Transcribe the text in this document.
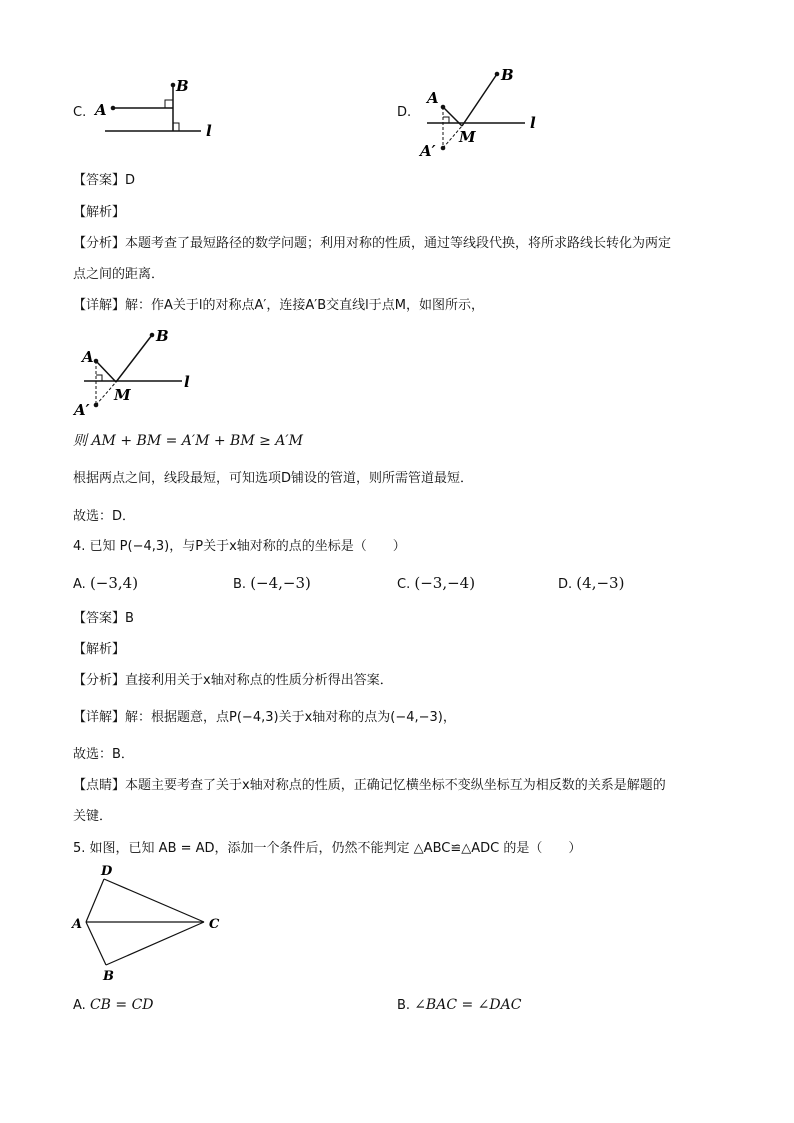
C. A
B
l
D.
A
B
M
l
A′
【答案】D
【解析】
【分析】本题考查了最短路径的数学问题；利用对称的性质，通过等线段代换，将所求路线长转化为两定
点之间的距离．
【详解】解：作A关于l的对称点A′，连接A′B交直线l于点M，如图所示，
A
B
M
l
A′
则 AM + BM = A′M + BM ≥ A′M
根据两点之间，线段最短，可知选项D铺设的管道，则所需管道最短．
故选：D．
4. 已知 P(−4,3)，与P关于x轴对称的点的坐标是（　　）
A. (−3,4)	B. (−4,−3)	C. (−3,−4)	D. (4,−3)
【答案】B
【解析】
【分析】直接利用关于x轴对称点的性质分析得出答案．
【详解】解：根据题意，点P(−4,3)关于x轴对称的点为(−4,−3)，
故选：B．
【点睛】本题主要考查了关于x轴对称点的性质，正确记忆横坐标不变纵坐标互为相反数的关系是解题的
关键．
5. 如图，已知 AB = AD，添加一个条件后，仍然不能判定 △ABC≌△ADC 的是（　　）
A
D
C
B
A. CB = CD	B. ∠BAC = ∠DAC
